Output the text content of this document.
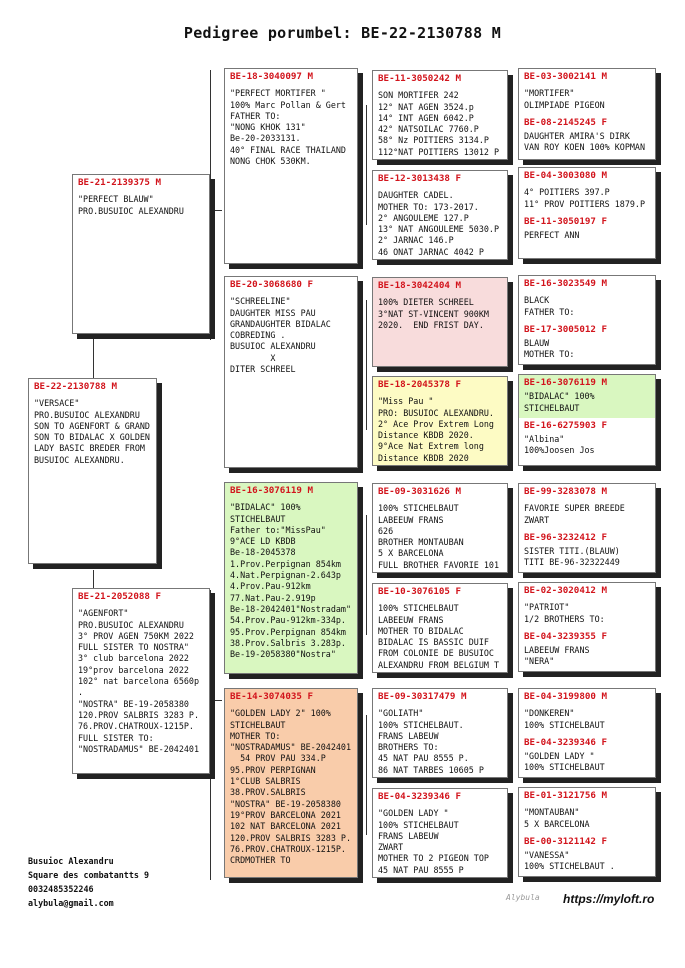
Pedigree porumbel: BE-22-2130788 M
BE-22-2130788 M
"VERSACE"
PRO.BUSUIOC ALEXANDRU
SON TO AGENFORT & GRAND
SON TO BIDALAC X GOLDEN
LADY BASIC BREDER FROM
BUSUIOC ALEXANDRU.
BE-21-2139375 M
"PERFECT BLAUW"
PRO.BUSUIOC ALEXANDRU
BE-21-2052088 F
"AGENFORT"
PRO.BUSUIOC ALEXANDRU
3° PROV AGEN 750KM 2022
FULL SISTER TO NOSTRA"
3° club barcelona 2022
19°prov barcelona 2022
102° nat barcelona 6560p
.
"NOSTRA" BE-19-2058380
120.PROV SALBRIS 3283 P.
76.PROV.CHATROUX-1215P.
FULL SISTER TO:
"NOSTRADAMUS" BE-2042401
BE-18-3040097 M
"PERFECT MORTIFER "
100% Marc Pollan & Gert
FATHER TO:
"NONG KHOK 131"
Be-20-2033131.
40° FINAL RACE THAILAND
NONG CHOK 530KM.
BE-20-3068680 F
"SCHREELINE"
DAUGHTER MISS PAU
GRANDAUGHTER BIDALAC
COBREDING .
BUSUIOC ALEXANDRU
X
DITER SCHREEL
BE-16-3076119 M
"BIDALAC" 100%
STICHELBAUT
Father to:"MissPau"
9°ACE LD KBDB
Be-18-2045378
1.Prov.Perpignan 854km
4.Nat.Perpignan-2.643p
4.Prov.Pau-912km
77.Nat.Pau-2.919p
Be-18-2042401"Nostradam"
54.Prov.Pau-912km-334p.
95.Prov.Perpignan 854km
38.Prov.Salbris 3.283p.
Be-19-2058380"Nostra"
BE-14-3074035 F
"GOLDEN LADY 2" 100%
STICHELBAUT
MOTHER TO:
"NOSTRADAMUS" BE-2042401
54 PROV PAU 334.P
95.PROV PERPIGNAN
1°CLUB SALBRIS
38.PROV.SALBRIS
"NOSTRA" BE-19-2058380
19°PROV BARCELONA 2021
102 NAT BARCELONA 2021
120.PROV SALBRIS 3283 P.
76.PROV.CHATROUX-1215P.
CRDMOTHER TO
BE-11-3050242 M
SON MORTIFER 242
12° NAT AGEN 3524.p
14° INT AGEN 6042.P
42° NATSOILAC 7760.P
58° Nz POITIERS 3134.P
112°NAT POITIERS 13012 P
BE-12-3013438 F
DAUGHTER CADEL.
MOTHER TO: 173-2017.
2° ANGOULEME 127.P
13° NAT ANGOULEME 5030.P
2° JARNAC 146.P
46 ONAT JARNAC 4042 P
BE-18-3042404 M
100% DIETER SCHREEL
3°NAT ST-VINCENT 900KM
2020.  END FRIST DAY.
BE-18-2045378 F
"Miss Pau "
PRO: BUSUIOC ALEXANDRU.
2° Ace Prov Extrem Long
Distance KBDB 2020.
9°Ace Nat Extrem long
Distance KBDB 2020
BE-09-3031626 M
100% STICHELBAUT
LABEEUW FRANS
626
BROTHER MONTAUBAN
5 X BARCELONA
FULL BROTHER FAVORIE 101
BE-10-3076105 F
100% STICHELBAUT
LABEEUW FRANS
MOTHER TO BIDALAC
BIDALAC IS BASSIC DUIF
FROM COLONIE DE BUSUIOC
ALEXANDRU FROM BELGIUM T
BE-09-30317479 M
"GOLIATH"
100% STICHELBAUT.
FRANS LABEUW
BROTHERS TO:
45 NAT PAU 8555 P.
86 NAT TARBES 10605 P
BE-04-3239346 F
"GOLDEN LADY "
100% STICHELBAUT
FRANS LABEUW
ZWART
MOTHER TO 2 PIGEON TOP
45 NAT PAU 8555 P
BE-03-3002141 M
"MORTIFER"
OLIMPIADE PIGEON
BE-08-2145245 F
DAUGHTER AMIRA'S DIRK
VAN ROY KOEN 100% KOPMAN
BE-04-3003080 M
4° POITIERS 397.P
11° PROV POITIERS 1879.P
BE-11-3050197 F
PERFECT ANN
BE-16-3023549 M
BLACK
FATHER TO:
BE-17-3005012 F
BLAUW
MOTHER TO:
BE-16-3076119 M
"BIDALAC" 100%
STICHELBAUT
BE-16-6275903 F
"Albina"
100%Joosen Jos
BE-99-3283078 M
FAVORIE SUPER BREEDE
ZWART
BE-96-3232412 F
SISTER TITI.(BLAUW)
TITI BE-96-32322449
BE-02-3020412 M
"PATRIOT"
1/2 BROTHERS TO:
BE-04-3239355 F
LABEEUW FRANS
"NERA"
BE-04-3199800 M
"DONKEREN"
100% STICHELBAUT
BE-04-3239346 F
"GOLDEN LADY "
100% STICHELBAUT
BE-01-3121756 M
"MONTAUBAN"
5 X BARCELONA
BE-00-3121142 F
"VANESSA"
100% STICHELBAUT .
Busuioc Alexandru
Square des combatantts 9
0032485352246
alybula@gmail.com
Alybula https://myloft.ro
